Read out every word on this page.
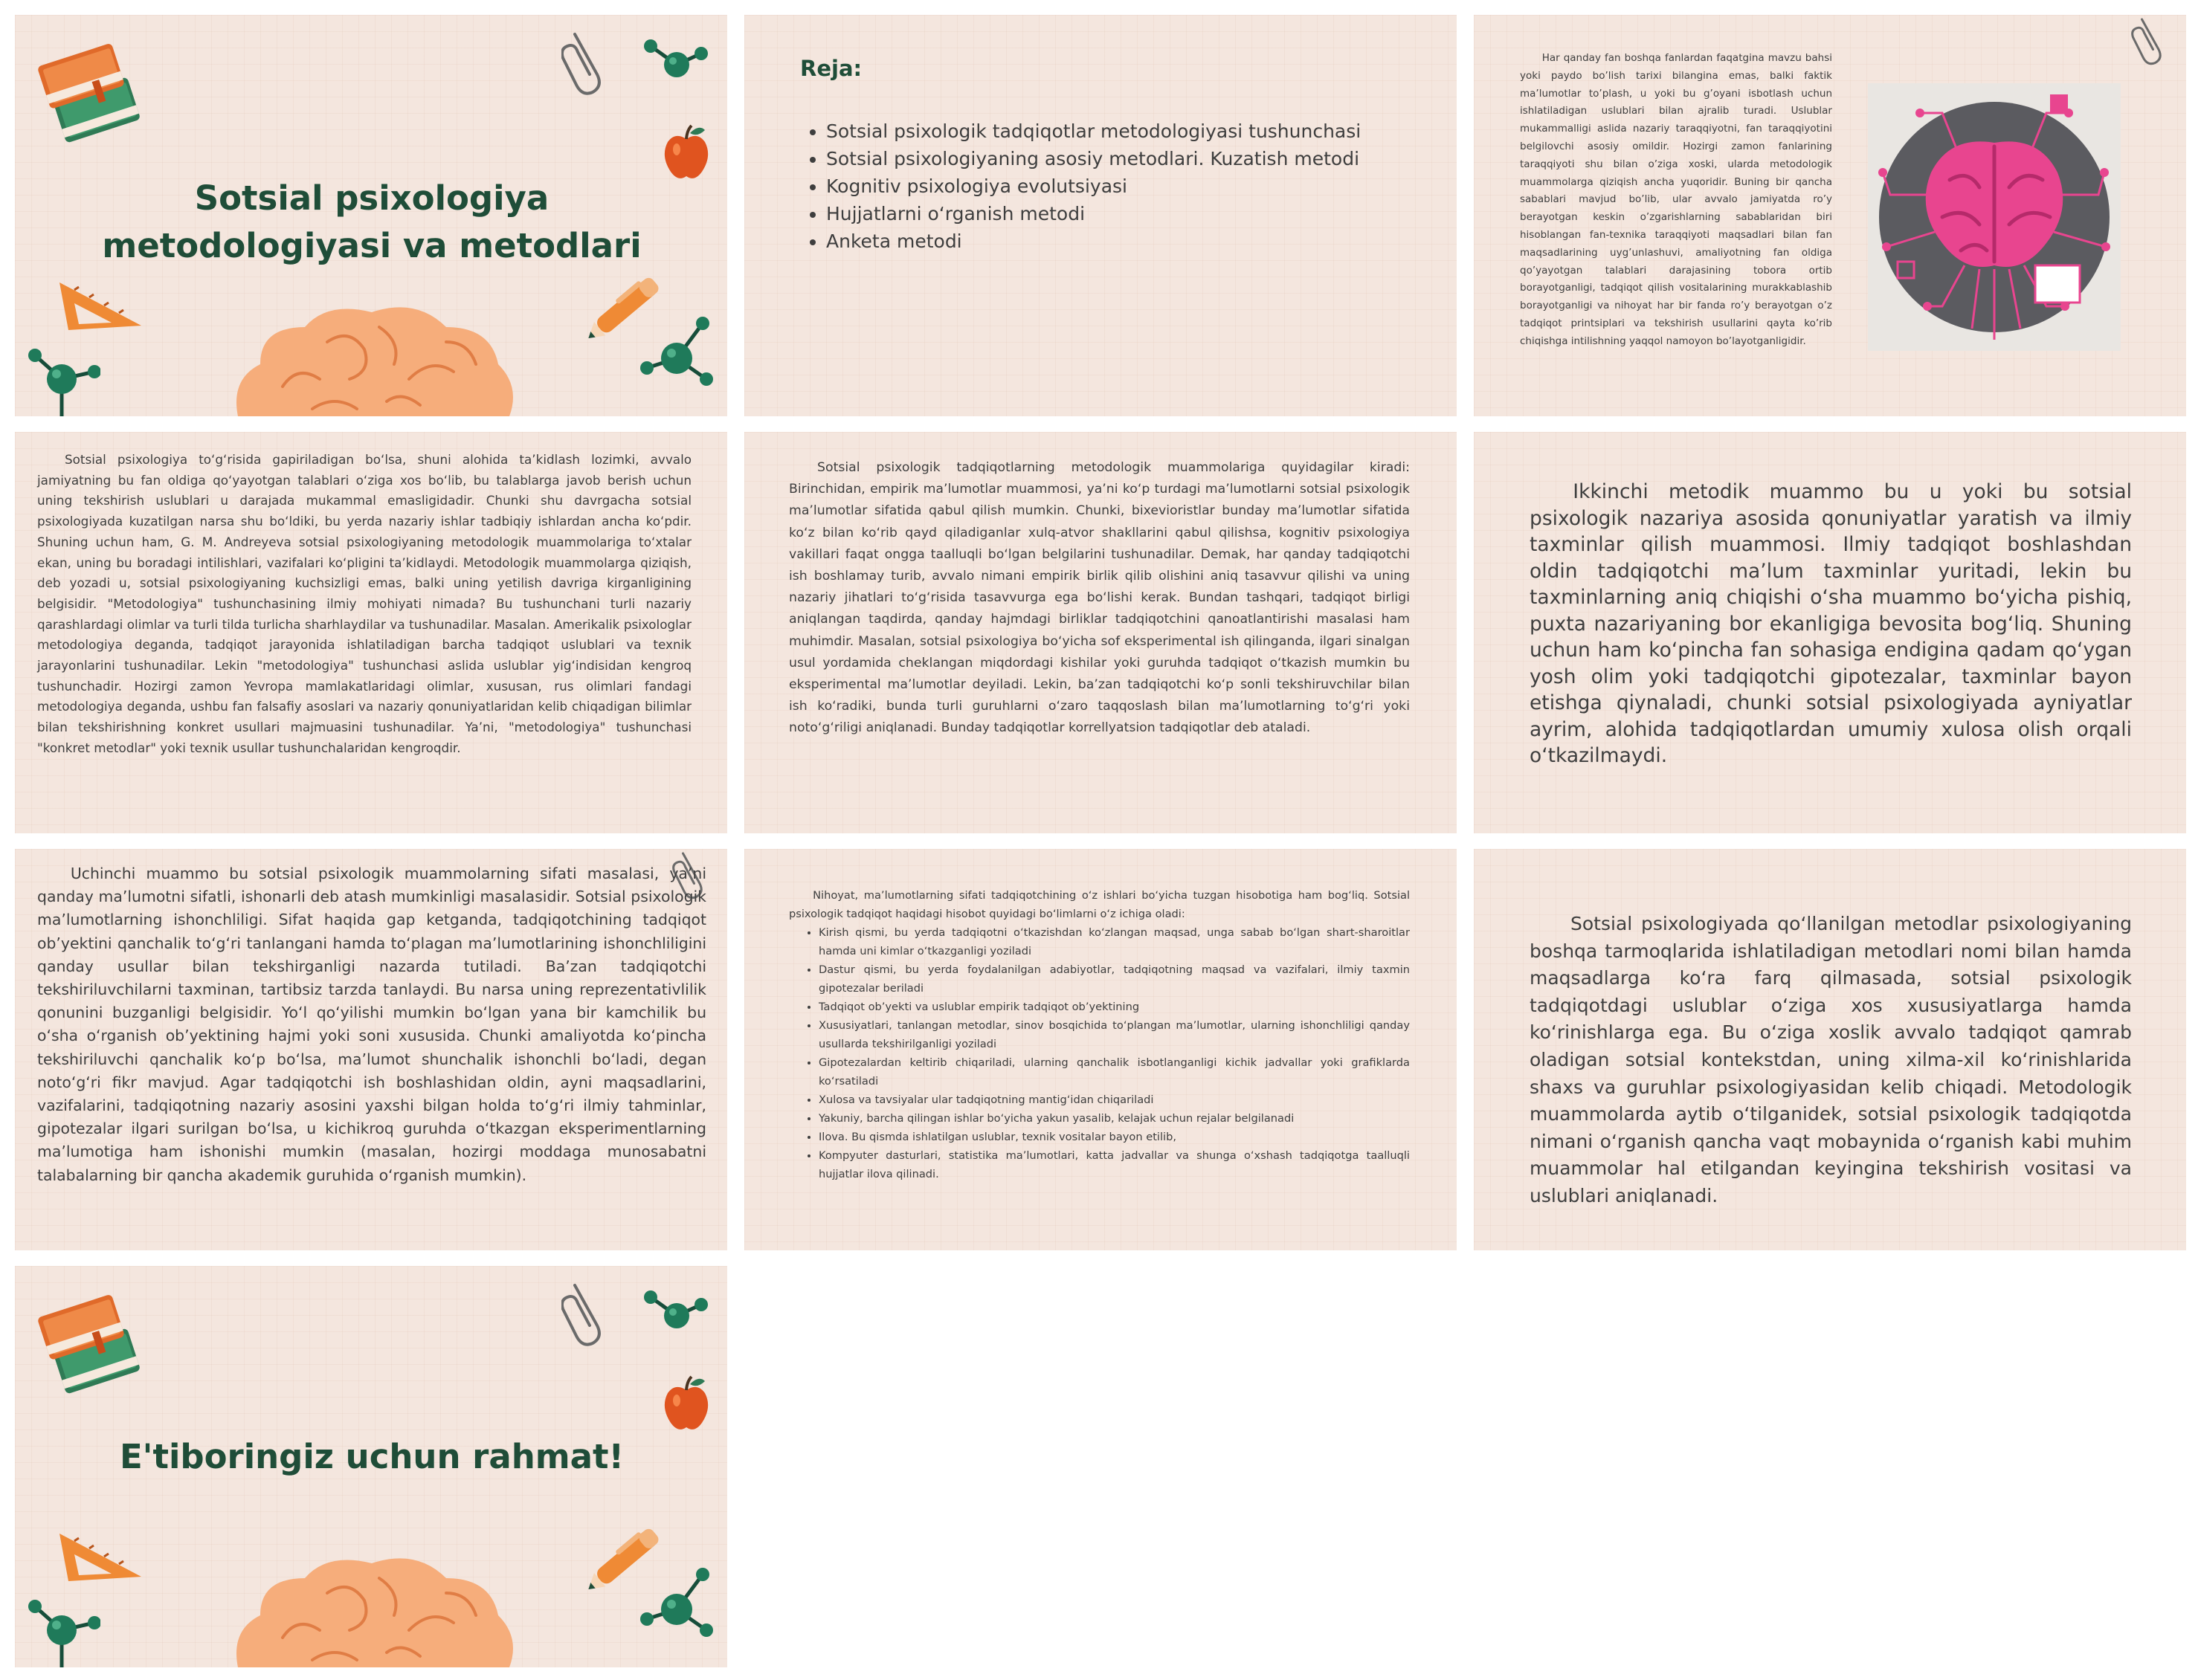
Sotsial psixologiya metodologiyasi va metodlari
Reja:
• Sotsial psixologik tadqiqotlar metodologiyasi tushunchasi
• Sotsial psixologiyaning asosiy metodlari. Kuzatish metodi
• Kognitiv psixologiya evolutsiyasi
• Hujjatlarni o‘rganish metodi
• Anketa metodi

Har qanday fan boshqa fanlardan faqatgina mavzu bahsi yoki paydo bo’lish tarixi bilangina emas, balki faktik ma’lumotlar to’plash, u yoki bu g’oyani isbotlash uchun ishlatiladigan uslublari bilan ajralib turadi. Uslublar mukammalligi aslida nazariy taraqqiyotni, fan taraqqiyotini belgilovchi asosiy omildir. Hozirgi zamon fanlarining taraqqiyoti shu bilan o’ziga xoski, ularda metodologik muammolarga qiziqish ancha yuqoridir. Buning bir qancha sabablari mavjud bo’lib, ular avvalo jamiyatda ro’y berayotgan keskin o’zgarishlarning sabablaridan biri hisoblangan fan-texnika taraqqiyoti maqsadlari bilan fan maqsadlarining uyg’unlashuvi, amaliyotning fan oldiga qo’yayotgan talablari darajasining tobora ortib borayotganligi, tadqiqot qilish vositalarining murakkablashib borayotganligi va nihoyat har bir fanda ro’y berayotgan o’z tadqiqot printsiplari va tekshirish usullarini qayta ko’rib chiqishga intilishning yaqqol namoyon bo’layotganligidir.

Sotsial psixologiya to‘g‘risida gapiriladigan bo‘lsa, shuni alohida ta’kidlash lozimki, avvalo jamiyatning bu fan oldiga qo‘yayotgan talablari o‘ziga xos bo‘lib, bu talablarga javob berish uchun uning tekshirish uslublari u darajada mukammal emasligidadir. Chunki shu davrgacha sotsial psixologiyada kuzatilgan narsa shu bo‘ldiki, bu yerda nazariy ishlar tadbiqiy ishlardan ancha ko‘pdir. Shuning uchun ham, G. M. Andreyeva sotsial psixologiyaning metodologik muammolariga to‘xtalar ekan, uning bu boradagi intilishlari, vazifalari ko‘pligini ta’kidlaydi. Metodologik muammolarga qiziqish, deb yozadi u, sotsial psixologiyaning kuchsizligi emas, balki uning yetilish davriga kirganligining belgisidir. "Metodologiya" tushunchasining ilmiy mohiyati nimada? Bu tushunchani turli nazariy qarashlardagi olimlar va turli tilda turlicha sharhlaydilar va tushunadilar. Masalan. Amerikalik psixologlar metodologiya deganda, tadqiqot jarayonida ishlatiladigan barcha tadqiqot uslublari va texnik jarayonlarini tushunadilar. Lekin "metodologiya" tushunchasi aslida uslublar yig‘indisidan kengroq tushunchadir. Hozirgi zamon Yevropa mamlakatlaridagi olimlar, xususan, rus olimlari fandagi metodologiya deganda, ushbu fan falsafiy asoslari va nazariy qonuniyatlaridan kelib chiqadigan bilimlar bilan tekshirishning konkret usullari majmuasini tushunadilar. Ya’ni, "metodologiya" tushunchasi "konkret metodlar" yoki texnik usullar tushunchalaridan kengroqdir.

Sotsial psixologik tadqiqotlarning metodologik muammolariga quyidagilar kiradi: Birinchidan, empirik ma’lumotlar muammosi, ya’ni ko‘p turdagi ma’lumotlarni sotsial psixologik ma’lumotlar sifatida qabul qilish mumkin. Chunki, bixevioristlar bunday ma’lumotlar sifatida ko‘z bilan ko‘rib qayd qiladiganlar xulq-atvor shakllarini qabul qilishsa, kognitiv psixologiya vakillari faqat ongga taalluqli bo‘lgan belgilarini tushunadilar. Demak, har qanday tadqiqotchi ish boshlamay turib, avvalo nimani empirik birlik qilib olishini aniq tasavvur qilishi va uning nazariy jihatlari to‘g‘risida tasavvurga ega bo‘lishi kerak. Bundan tashqari, tadqiqot birligi aniqlangan taqdirda, qanday hajmdagi birliklar tadqiqotchini qanoatlantirishi masalasi ham muhimdir. Masalan, sotsial psixologiya bo‘yicha sof eksperimental ish qilinganda, ilgari sinalgan usul yordamida cheklangan miqdordagi kishilar yoki guruhda tadqiqot o‘tkazish mumkin bu eksperimental ma’lumotlar deyiladi. Lekin, ba’zan tadqiqotchi ko‘p sonli tekshiruvchilar bilan ish ko‘radiki, bunda turli guruhlarni o‘zaro taqqoslash bilan ma’lumotlarning to‘g‘ri yoki noto‘g‘riligi aniqlanadi. Bunday tadqiqotlar korrellyatsion tadqiqotlar deb ataladi.

Ikkinchi metodik muammo bu u yoki bu sotsial psixologik nazariya asosida qonuniyatlar yaratish va ilmiy taxminlar qilish muammosi. Ilmiy tadqiqot boshlashdan oldin tadqiqotchi ma’lum taxminlar yuritadi, lekin bu taxminlarning aniq chiqishi o‘sha muammo bo‘yicha pishiq, puxta nazariyaning bor ekanligiga bevosita bog‘liq. Shuning uchun ham ko‘pincha fan sohasiga endigina qadam qo‘ygan yosh olim yoki tadqiqotchi gipotezalar, taxminlar bayon etishga qiynaladi, chunki sotsial psixologiyada ayniyatlar ayrim, alohida tadqiqotlardan umumiy xulosa olish orqali o‘tkazilmaydi.

Uchinchi muammo bu sotsial psixologik muammolarning sifati masalasi, ya’ni qanday ma’lumotni sifatli, ishonarli deb atash mumkinligi masalasidir. Sotsial psixologik ma’lumotlarning ishonchliligi. Sifat haqida gap ketganda, tadqiqotchining tadqiqot ob’yektini qanchalik to‘g‘ri tanlangani hamda to‘plagan ma’lumotlarining ishonchliligini qanday usullar bilan tekshirganligi nazarda tutiladi. Ba’zan tadqiqotchi tekshiriluvchilarni taxminan, tartibsiz tarzda tanlaydi. Bu narsa uning reprezentativlilik qonunini buzganligi belgisidir. Yo‘l qo‘yilishi mumkin bo‘lgan yana bir kamchilik bu o‘sha o‘rganish ob’yektining hajmi yoki soni xususida. Chunki amaliyotda ko‘pincha tekshiriluvchi qanchalik ko‘p bo‘lsa, ma’lumot shunchalik ishonchli bo‘ladi, degan noto‘g‘ri fikr mavjud. Agar tadqiqotchi ish boshlashidan oldin, ayni maqsadlarini, vazifalarini, tadqiqotning nazariy asosini yaxshi bilgan holda to‘g‘ri ilmiy tahminlar, gipotezalar ilgari surilgan bo‘lsa, u kichikroq guruhda o‘tkazgan eksperimentlarning ma’lumotiga ham ishonishi mumkin (masalan, hozirgi moddaga munosabatni talabalarning bir qancha akademik guruhida o‘rganish mumkin).

Nihoyat, ma’lumotlarning sifati tadqiqotchining o‘z ishlari bo‘yicha tuzgan hisobotiga ham bog‘liq. Sotsial psixologik tadqiqot haqidagi hisobot quyidagi bo‘limlarni o‘z ichiga oladi:

• Kirish qismi, bu yerda tadqiqotni o‘tkazishdan ko‘zlangan maqsad, unga sabab bo‘lgan shart-sharoitlar hamda uni kimlar o‘tkazganligi yoziladi
• Dastur qismi, bu yerda foydalanilgan adabiyotlar, tadqiqotning maqsad va vazifalari, ilmiy taxmin gipotezalar beriladi
• Tadqiqot ob’yekti va uslublar empirik tadqiqot ob’yektining
• Xususiyatlari, tanlangan metodlar, sinov bosqichida to‘plangan ma’lumotlar, ularning ishonchliligi qanday usullarda tekshirilganligi yoziladi
• Gipotezalardan keltirib chiqariladi, ularning qanchalik isbotlanganligi kichik jadvallar yoki grafiklarda ko‘rsatiladi
• Xulosa va tavsiyalar ular tadqiqotning mantig‘idan chiqariladi
• Yakuniy, barcha qilingan ishlar bo‘yicha yakun yasalib, kelajak uchun rejalar belgilanadi
• Ilova. Bu qismda ishlatilgan uslublar, texnik vositalar bayon etilib,
• Kompyuter dasturlari, statistika ma’lumotlari, katta jadvallar va shunga o‘xshash tadqiqotga taalluqli hujjatlar ilova qilinadi.

Sotsial psixologiyada qo‘llanilgan metodlar psixologiyaning boshqa tarmoqlarida ishlatiladigan metodlari nomi bilan hamda maqsadlarga ko‘ra farq qilmasada, sotsial psixologik tadqiqotdagi uslublar o‘ziga xos xususiyatlarga hamda ko‘rinishlarga ega. Bu o‘ziga xoslik avvalo tadqiqot qamrab oladigan sotsial kontekstdan, uning xilma-xil ko‘rinishlarida shaxs va guruhlar psixologiyasidan kelib chiqadi. Metodologik muammolarda aytib o‘tilganidek, sotsial psixologik tadqiqotda nimani o‘rganish qancha vaqt mobaynida o‘rganish kabi muhim muammolar hal etilgandan keyingina tekshirish vositasi va uslublari aniqlanadi.

E'tiboringiz uchun rahmat!
